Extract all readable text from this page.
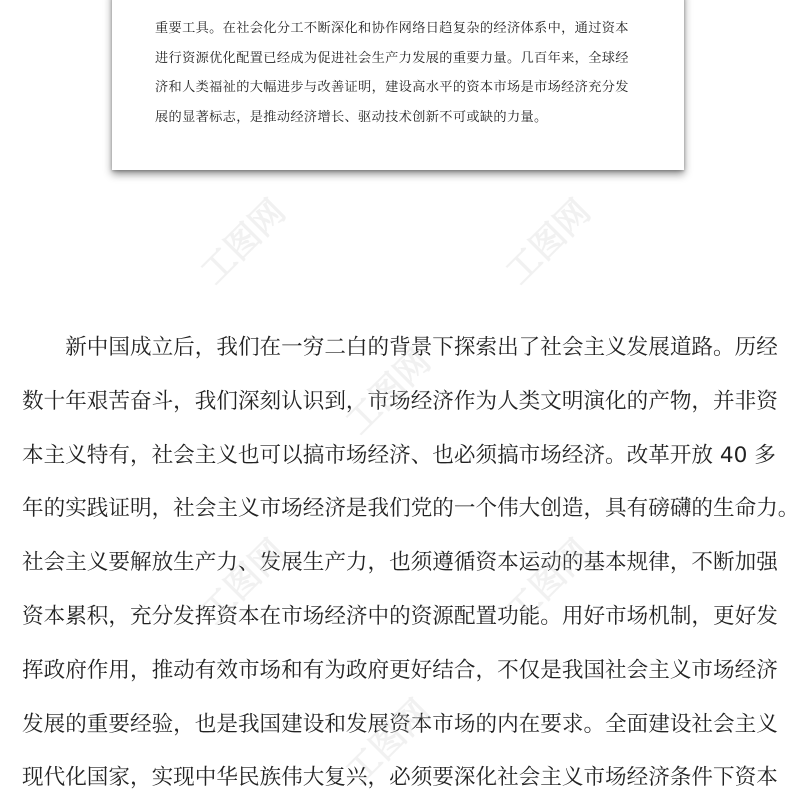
重要工具。在社会化分工不断深化和协作网络日趋复杂的经济体系中，通过资本
进行资源优化配置已经成为促进社会生产力发展的重要力量。几百年来，全球经
济和人类福祉的大幅进步与改善证明，建设高水平的资本市场是市场经济充分发
展的显著标志，是推动经济增长、驱动技术创新不可或缺的力量。

　　新中国成立后，我们在一穷二白的背景下探索出了社会主义发展道路。历经
数十年艰苦奋斗，我们深刻认识到，市场经济作为人类文明演化的产物，并非资
本主义特有，社会主义也可以搞市场经济、也必须搞市场经济。改革开放 40 多
年的实践证明，社会主义市场经济是我们党的一个伟大创造，具有磅礴的生命力。
社会主义要解放生产力、发展生产力，也须遵循资本运动的基本规律，不断加强
资本累积，充分发挥资本在市场经济中的资源配置功能。用好市场机制，更好发
挥政府作用，推动有效市场和有为政府更好结合，不仅是我国社会主义市场经济
发展的重要经验，也是我国建设和发展资本市场的内在要求。全面建设社会主义
现代化国家，实现中华民族伟大复兴，必须要深化社会主义市场经济条件下资本

工图网	工图网
工图网
工图网	工图网
工图网
